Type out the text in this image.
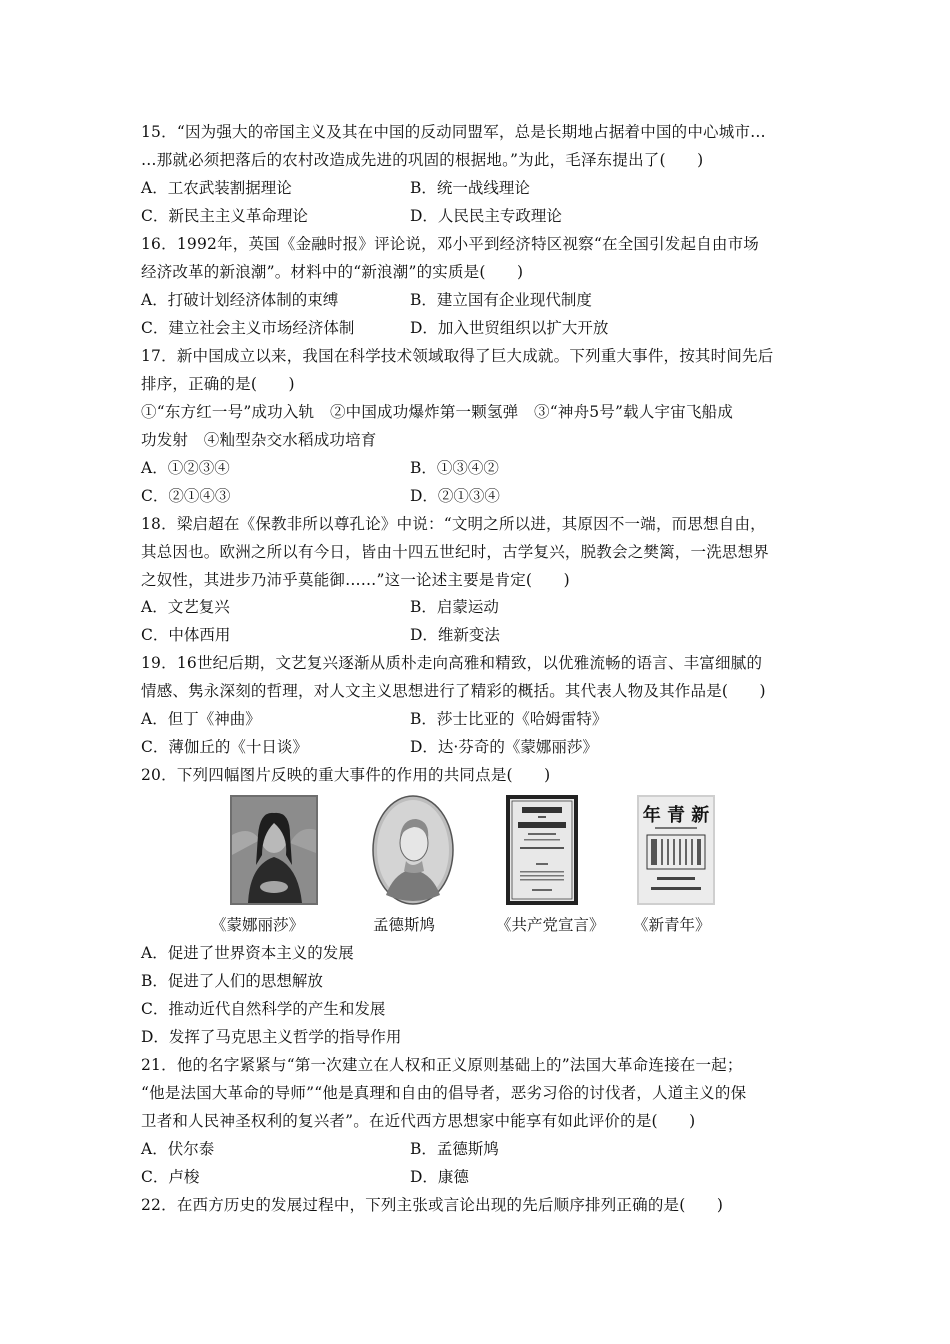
15．“因为强大的帝国主义及其在中国的反动同盟军，总是长期地占据着中国的中心城市…
…那就必须把落后的农村改造成先进的巩固的根据地。”为此，毛泽东提出了(　　)
A．工农武装割据理论	B．统一战线理论
C．新民主主义革命理论	D．人民民主专政理论
16．1992年，英国《金融时报》评论说，邓小平到经济特区视察“在全国引发起自由市场
经济改革的新浪潮”。材料中的“新浪潮”的实质是(　　)
A．打破计划经济体制的束缚	B．建立国有企业现代制度
C．建立社会主义市场经济体制	D．加入世贸组织以扩大开放
17．新中国成立以来，我国在科学技术领域取得了巨大成就。下列重大事件，按其时间先后
排序，正确的是(　　)
①“东方红一号”成功入轨　②中国成功爆炸第一颗氢弹　③“神舟5号”载人宇宙飞船成
功发射　④籼型杂交水稻成功培育
A．①②③④	B．①③④②
C．②①④③	D．②①③④
18．梁启超在《保教非所以尊孔论》中说：“文明之所以进，其原因不一端，而思想自由，
其总因也。欧洲之所以有今日，皆由十四五世纪时，古学复兴，脱教会之樊篱，一洗思想界
之奴性，其进步乃沛乎莫能御……”这一论述主要是肯定(　　)
A．文艺复兴	B．启蒙运动
C．中体西用	D．维新变法
19．16世纪后期，文艺复兴逐渐从质朴走向高雅和精致，以优雅流畅的语言、丰富细腻的
情感、隽永深刻的哲理，对人文主义思想进行了精彩的概括。其代表人物及其作品是(　　)
A．但丁《神曲》	B．莎士比亚的《哈姆雷特》
C．薄伽丘的《十日谈》	D．达·芬奇的《蒙娜丽莎》
20．下列四幅图片反映的重大事件的作用的共同点是(　　)
年 青 新
《蒙娜丽莎》	孟德斯鸠	《共产党宣言》 《新青年》
A．促进了世界资本主义的发展
B．促进了人们的思想解放
C．推动近代自然科学的产生和发展
D．发挥了马克思主义哲学的指导作用
21．他的名字紧紧与“第一次建立在人权和正义原则基础上的”法国大革命连接在一起；
“他是法国大革命的导师”“他是真理和自由的倡导者，恶劣习俗的讨伐者，人道主义的保
卫者和人民神圣权利的复兴者”。在近代西方思想家中能享有如此评价的是(　　)
A．伏尔泰	B．孟德斯鸠
C．卢梭	D．康德
22．在西方历史的发展过程中，下列主张或言论出现的先后顺序排列正确的是(　　)
